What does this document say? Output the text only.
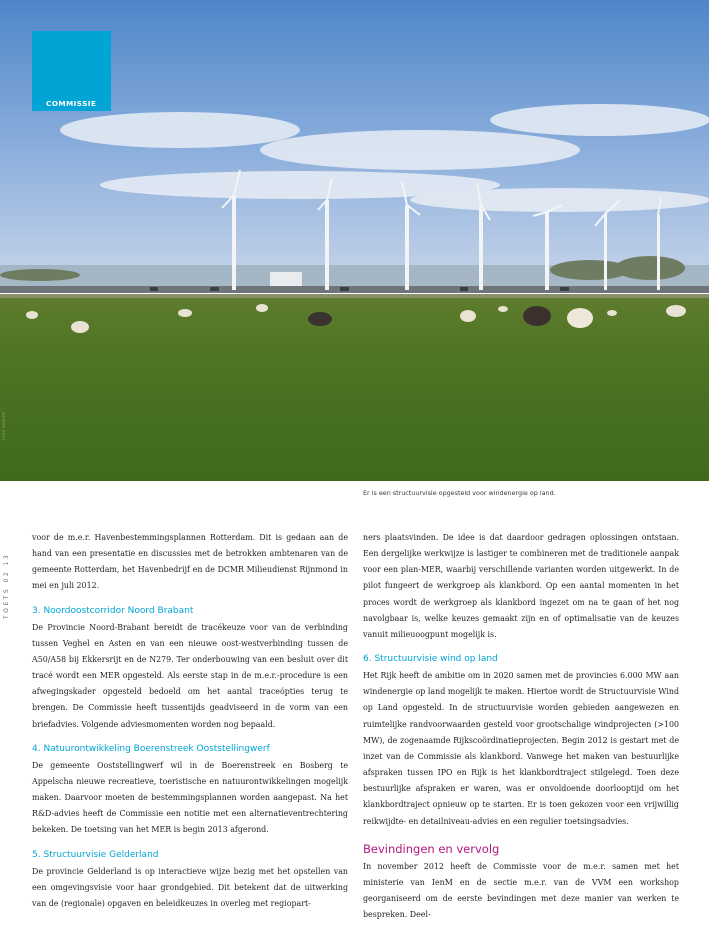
COMMISSIE
CEES BAKKER
Er is een structuurvisie opgesteld voor windenergie op land.
TOETS 02 13

voor de m.e.r. Havenbestemmingsplannen Rotterdam. Dit is gedaan aan de hand van een presentatie en discussies met de betrokken ambtenaren van de gemeente Rotterdam, het Havenbedrijf en de DCMR Milieudienst Rijnmond in mei en juli 2012.

3. Noordoostcorridor Noord Brabant

De Provincie Noord-Brabant bereidt de tracékeuze voor van de verbinding tussen Veghel en Asten en van een nieuwe oost-westverbinding tussen de A50/A58 bij Ekkersrijt en de N279. Ter onderbouwing van een besluit over dit tracé wordt een MER opgesteld. Als eerste stap in de m.e.r.-procedure is een afwegingskader opgesteld bedoeld om het aantal traceópties terug te brengen. De Commissie heeft tussentijds geadviseerd in de vorm van een briefadvies. Volgende adviesmomenten worden nog bepaald.

4. Natuurontwikkeling Boerenstreek Ooststellingwerf

De gemeente Ooststellingwerf wil in de Boerenstreek en Bosberg te Appelscha nieuwe recreatieve, toeristische en natuurontwikkelingen mogelijk maken. Daarvoor moeten de bestemmingsplannen worden aangepast. Na het R&D-advies heeft de Commissie een notitie met een alternatieventrechtering bekeken. De toetsing van het MER is begin 2013 afgerond.

5. Structuurvisie Gelderland

De provincie Gelderland is op interactieve wijze bezig met het opstellen van een omgevingsvisie voor haar grondgebied. Dit betekent dat de uitwerking van de (regionale) opgaven en beleidkeuzes in overleg met regiopart-

ners plaatsvinden. De idee is dat daardoor gedragen oplossingen ontstaan. Een dergelijke werkwijze is lastiger te combineren met de traditionele aanpak voor een plan-MER, waarbij verschillende varianten worden uitgewerkt. In de pilot fungeert de werkgroep als klankbord. Op een aantal momenten in het proces wordt de werkgroep als klankbord ingezet om na te gaan of het nog navolgbaar is, welke keuzes gemaakt zijn en of optimalisatie van de keuzes vanuit milieuoogpunt mogelijk is.

6. Structuurvisie wind op land

Het Rijk heeft de ambitie om in 2020 samen met de provincies 6.000 MW aan windenergie op land mogelijk te maken. Hiertoe wordt de Structuurvisie Wind op Land opgesteld. In de structuurvisie worden gebieden aangewezen en ruimtelijke randvoorwaarden gesteld voor grootschalige windprojecten (>100 MW), de zogenaamde Rijkscoördinatieprojecten. Begin 2012 is gestart met de inzet van de Commissie als klankbord. Vanwege het maken van bestuurlijke afspraken tussen IPO en Rijk is het klankbordtraject stilgelegd. Toen deze bestuurlijke afspraken er waren, was er onvoldoende doorlooptijd om het klankbordtraject opnieuw op te starten. Er is toen gekozen voor een vrijwillig reikwijdte- en detailniveau-advies en een regulier toetsingsadvies.

Bevindingen en vervolg

In november 2012 heeft de Commissie voor de m.e.r. samen met het ministerie van IenM en de sectie m.e.r. van de VVM een workshop georganiseerd om de eerste bevindingen met deze manier van werken te bespreken. Deel-
